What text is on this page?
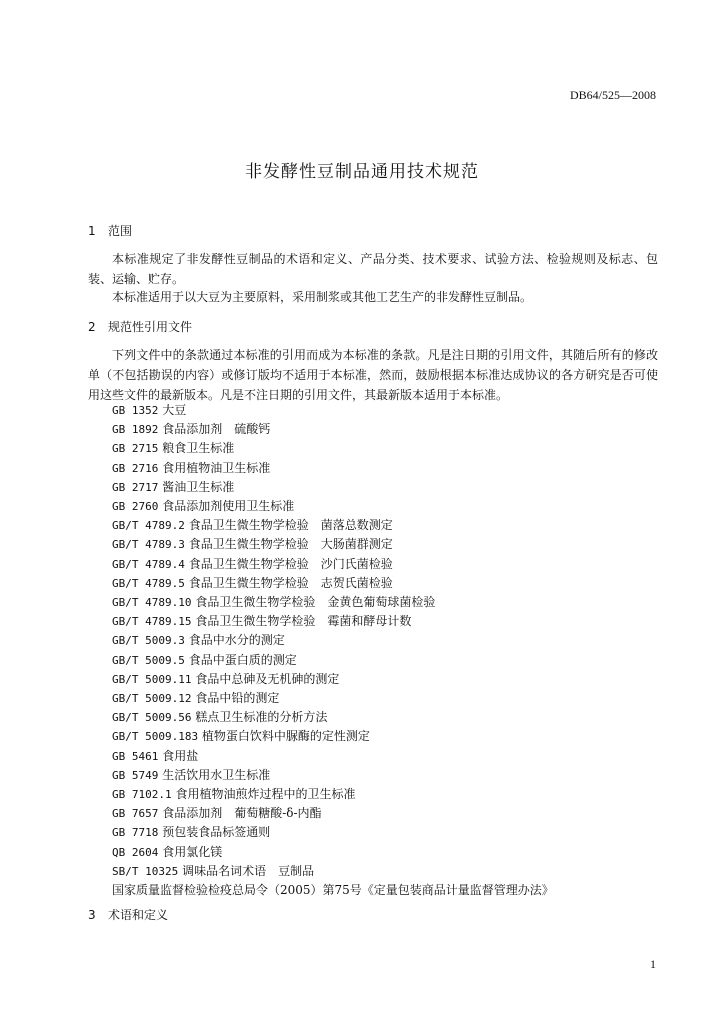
DB64/525—2008
非发酵性豆制品通用技术规范
1 范围
本标准规定了非发酵性豆制品的术语和定义、产品分类、技术要求、试验方法、检验规则及标志、包装、运输、贮存。
本标准适用于以大豆为主要原料，采用制浆或其他工艺生产的非发酵性豆制品。
2 规范性引用文件
下列文件中的条款通过本标准的引用而成为本标准的条款。凡是注日期的引用文件，其随后所有的修改单（不包括勘误的内容）或修订版均不适用于本标准，然而，鼓励根据本标准达成协议的各方研究是否可使用这些文件的最新版本。凡是不注日期的引用文件，其最新版本适用于本标准。
GB 1352 大豆
GB 1892 食品添加剂　硫酸钙
GB 2715 粮食卫生标准
GB 2716 食用植物油卫生标准
GB 2717 酱油卫生标准
GB 2760 食品添加剂使用卫生标准
GB/T 4789.2 食品卫生微生物学检验　菌落总数测定
GB/T 4789.3 食品卫生微生物学检验　大肠菌群测定
GB/T 4789.4 食品卫生微生物学检验　沙门氏菌检验
GB/T 4789.5 食品卫生微生物学检验　志贺氏菌检验
GB/T 4789.10 食品卫生微生物学检验　金黄色葡萄球菌检验
GB/T 4789.15 食品卫生微生物学检验　霉菌和酵母计数
GB/T 5009.3 食品中水分的测定
GB/T 5009.5 食品中蛋白质的测定
GB/T 5009.11 食品中总砷及无机砷的测定
GB/T 5009.12 食品中铅的测定
GB/T 5009.56 糕点卫生标准的分析方法
GB/T 5009.183 植物蛋白饮料中脲酶的定性测定
GB 5461 食用盐
GB 5749 生活饮用水卫生标准
GB 7102.1 食用植物油煎炸过程中的卫生标准
GB 7657 食品添加剂　葡萄糖酸-δ-内酯
GB 7718 预包装食品标签通则
QB 2604 食用氯化镁
SB/T 10325 调味品名词术语　豆制品
国家质量监督检验检疫总局令（2005）第75号《定量包装商品计量监督管理办法》
3 术语和定义
1
